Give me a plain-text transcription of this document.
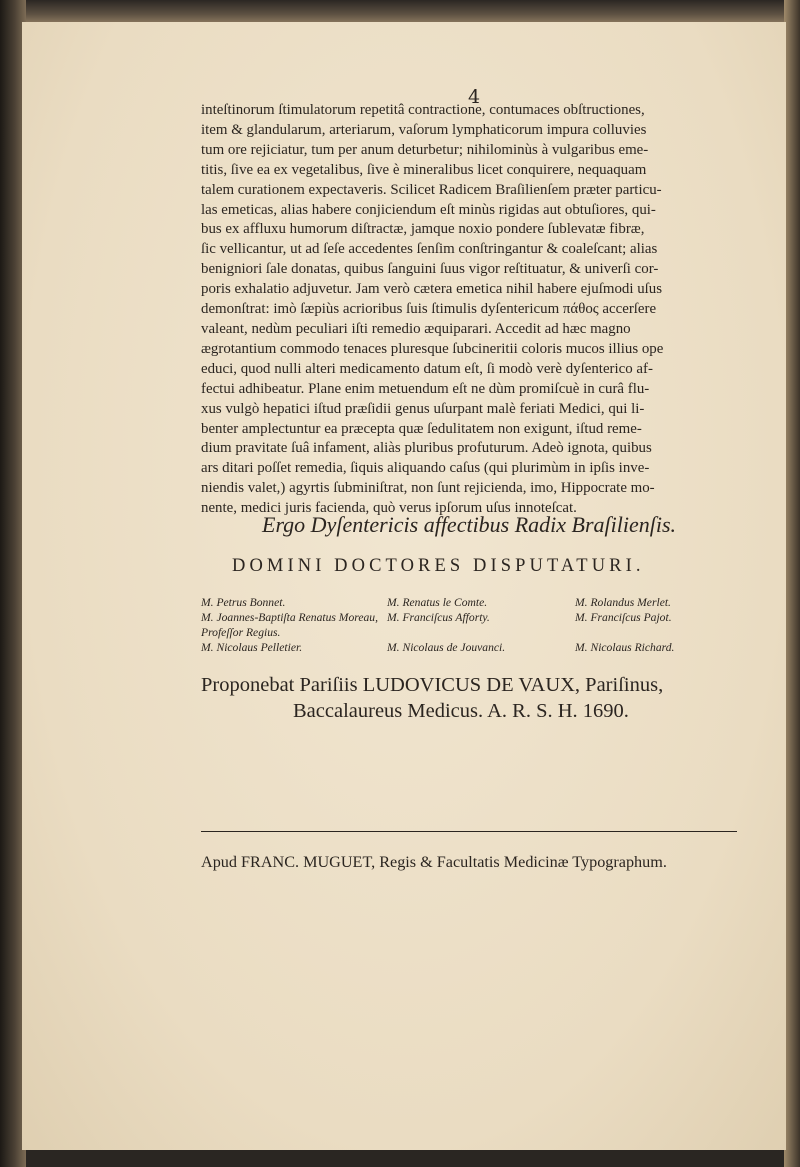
4
inteſtinorum ſtimulatorum repetitâ contractione, contumaces obſtructiones,
item & glandularum, arteriarum, vaſorum lymphaticorum impura colluvies
tum ore rejiciatur, tum per anum deturbetur; nihilominùs à vulgaribus eme-
titis, ſive ea ex vegetalibus, ſive è mineralibus licet conquirere, nequaquam
talem curationem expectaveris. Scilicet Radicem Braſilienſem præter particu-
las emeticas, alias habere conjiciendum eſt minùs rigidas aut obtuſiores, qui-
bus ex affluxu humorum diſtractæ, jamque noxio pondere ſublevatæ fibræ,
ſic vellicantur, ut ad ſeſe accedentes ſenſim conſtringantur & coaleſcant; alias
benigniori ſale donatas, quibus ſanguini ſuus vigor reſtituatur, & univerſi cor-
poris exhalatio adjuvetur. Jam verò cætera emetica nihil habere ejuſmodi uſus
demonſtrat: imò ſæpiùs acrioribus ſuis ſtimulis dyſentericum πάθος accerſere
valeant, nedùm peculiari iſti remedio æquiparari. Accedit ad hæc magno
ægrotantium commodo tenaces pluresque ſubcineritii coloris mucos illius ope
educi, quod nulli alteri medicamento datum eſt, ſi modò verè dyſenterico af-
fectui adhibeatur. Plane enim metuendum eſt ne dùm promiſcuè in curâ flu-
xus vulgò hepatici iſtud præſidii genus uſurpant malè feriati Medici, qui li-
benter amplectuntur ea præcepta quæ ſedulitatem non exigunt, iſtud reme-
dium pravitate ſuâ infament, aliàs pluribus profuturum. Adeò ignota, quibus
ars ditari poſſet remedia, ſiquis aliquando caſus (qui plurimùm in ipſis inve-
niendis valet,) agyrtis ſubminiſtrat, non ſunt rejicienda, imo, Hippocrate mo-
nente, medici juris facienda, quò verus ipſorum uſus innoteſcat.
Ergo Dyſentericis affectibus Radix Braſilienſis.
DOMINI DOCTORES DISPUTATURI.
M. Petrus Bonnet.
M. Joannes-Baptiſta Renatus Moreau, Profeſſor Regius.
M. Nicolaus Pelletier.
M. Renatus le Comte.
M. Franciſcus Afforty.
M. Nicolaus de Jouvanci.
M. Rolandus Merlet.
M. Franciſcus Pajot.
M. Nicolaus Richard.
Proponebat Pariſiis LUDOVICUS DE VAUX, Pariſinus,
Baccalaureus Medicus. A. R. S. H. 1690.
Apud FRANC. MUGUET, Regis & Facultatis Medicinæ Typographum.
